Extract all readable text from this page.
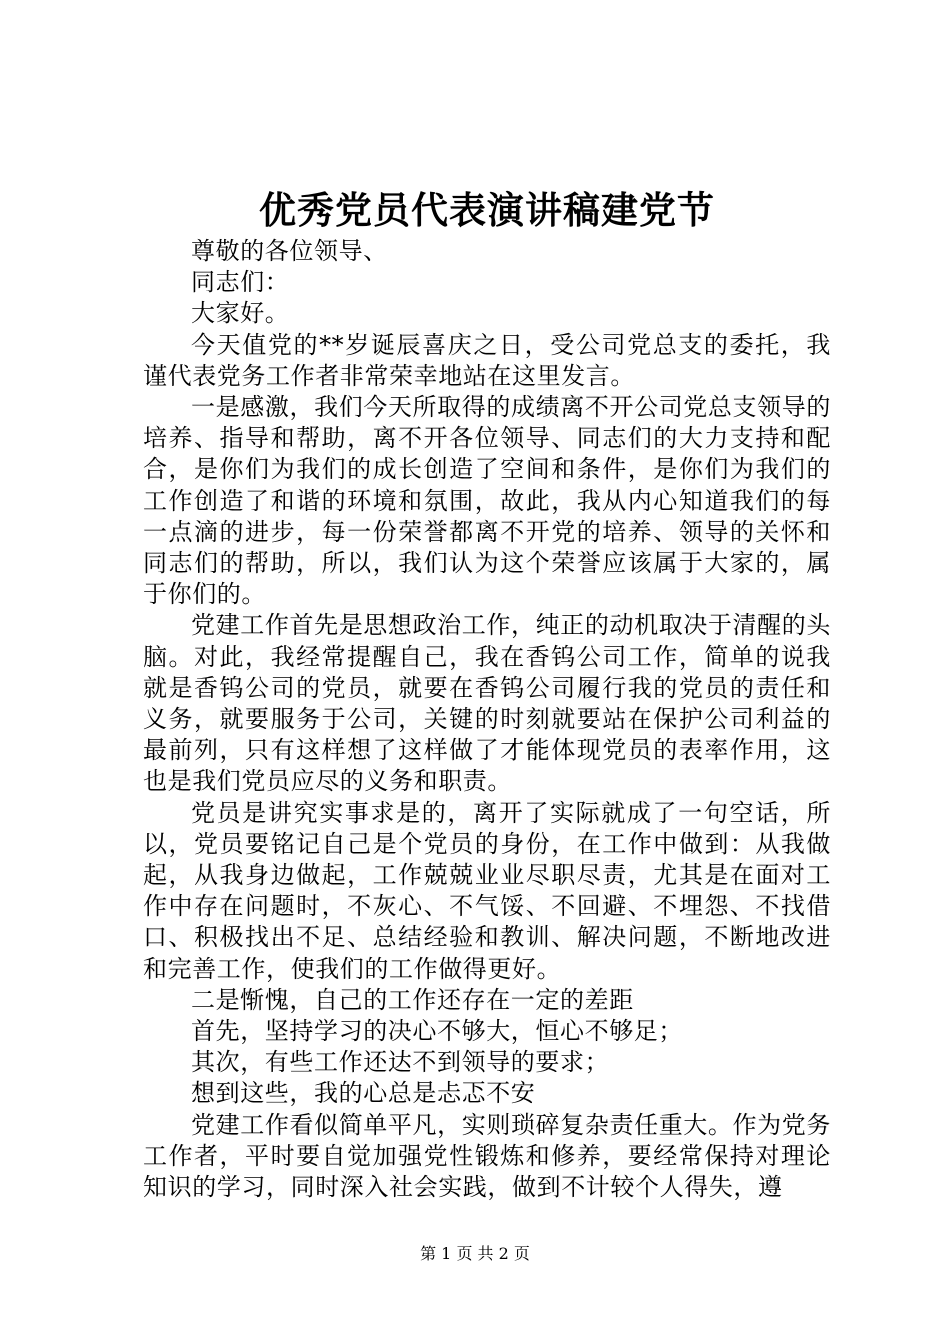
优秀党员代表演讲稿建党节

尊敬的各位领导、

同志们：

大家好。

今天值党的**岁诞辰喜庆之日，受公司党总支的委托，我谨代表党务工作者非常荣幸地站在这里发言。

一是感激，我们今天所取得的成绩离不开公司党总支领导的培养、指导和帮助，离不开各位领导、同志们的大力支持和配合，是你们为我们的成长创造了空间和条件，是你们为我们的工作创造了和谐的环境和氛围，故此，我从内心知道我们的每一点滴的进步，每一份荣誉都离不开党的培养、领导的关怀和同志们的帮助，所以，我们认为这个荣誉应该属于大家的，属于你们的。

党建工作首先是思想政治工作，纯正的动机取决于清醒的头脑。对此，我经常提醒自己，我在香钨公司工作，简单的说我就是香钨公司的党员，就要在香钨公司履行我的党员的责任和义务，就要服务于公司，关键的时刻就要站在保护公司利益的最前列，只有这样想了这样做了才能体现党员的表率作用，这也是我们党员应尽的义务和职责。

党员是讲究实事求是的，离开了实际就成了一句空话，所以，党员要铭记自己是个党员的身份，在工作中做到：从我做起，从我身边做起，工作兢兢业业尽职尽责，尤其是在面对工作中存在问题时，不灰心、不气馁、不回避、不埋怨、不找借口、积极找出不足、总结经验和教训、解决问题，不断地改进和完善工作，使我们的工作做得更好。

二是惭愧，自己的工作还存在一定的差距

首先，坚持学习的决心不够大，恒心不够足；

其次，有些工作还达不到领导的要求；

想到这些，我的心总是忐忑不安

党建工作看似简单平凡，实则琐碎复杂责任重大。作为党务工作者，平时要自觉加强党性锻炼和修养，要经常保持对理论知识的学习，同时深入社会实践，做到不计较个人得失，遵

第 1 页 共 2 页
